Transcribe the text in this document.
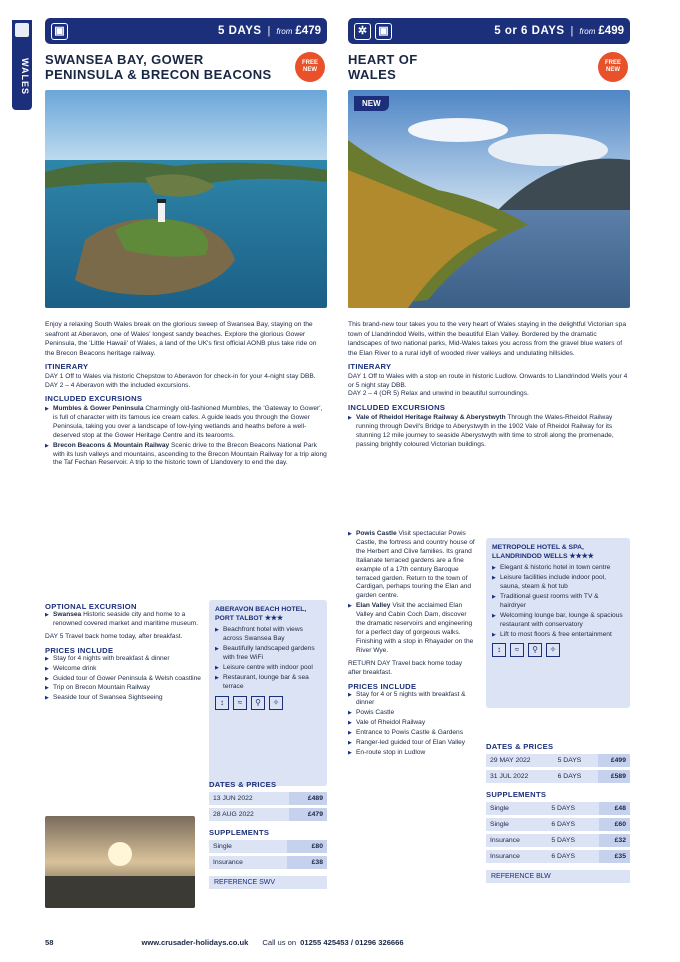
WALES
▣	5 DAYS | from £479
SWANSEA BAY, GOWER PENINSULA & BRECON BEACONS
FREE NEW

Enjoy a relaxing South Wales break on the glorious sweep of Swansea Bay, staying on the seafront at Aberavon, one of Wales' longest sandy beaches. Explore the glorious Gower Peninsula, the 'Little Hawaii' of Wales, a land of the UK's first official AONB plus take ride on the Brecon Beacons heritage railway.

ITINERARY
DAY 1 Off to Wales via historic Chepstow to Aberavon for check-in for your 4-night stay DBB.
DAY 2 – 4 Aberavon with the included excursions.
INCLUDED EXCURSIONS
▶ Mumbles & Gower Peninsula Charmingly old-fashioned Mumbles, the 'Gateway to Gower', is full of character with its famous ice cream cafes. A guide leads you through the Gower Peninsula, taking you over a landscape of low-lying wetlands and heaths before a well-deserved stop at the Gower Heritage Centre and its tearooms.
▶ Brecon Beacons & Mountain Railway Scenic drive to the Brecon Beacons National Park with its lush valleys and mountains, ascending to the Brecon Mountain Railway for a trip along the Taf Fechan Reservoir. A trip to the historic town of Llandovery to end the day.
OPTIONAL EXCURSION
▶ Swansea Historic seaside city and home to a renowned covered market and maritime museum.
DAY 5 Travel back home today, after breakfast.
PRICES INCLUDE
▶ Stay for 4 nights with breakfast & dinner
▶ Welcome drink
▶ Guided tour of Gower Peninsula & Welsh coastline
▶ Trip on Brecon Mountain Railway
▶ Seaside tour of Swansea Sightseeing
ABERAVON BEACH HOTEL, PORT TALBOT ★★★
▶ Beachfront hotel with views across Swansea Bay
▶ Beautifully landscaped gardens with free WiFi
▶ Leisure centre with indoor pool
▶ Restaurant, lounge bar & sea terrace
↕	≈	⚲	✧
DATES & PRICES
13 JUN 2022	£489
28 AUG 2022	£479
SUPPLEMENTS
Single	£80
Insurance	£38
REFERENCE SWV
✲	▣	5 or 6 DAYS | from £499
HEART OF WALES
FREE NEW
NEW

This brand-new tour takes you to the very heart of Wales staying in the delightful Victorian spa town of Llandrindod Wells, within the beautiful Elan Valley. Bordered by the dramatic landscapes of two national parks, Mid-Wales takes you across from the gravel blue waters of the Elan River to a rural idyll of wooded river valleys and undulating hillsides.

ITINERARY
DAY 1 Off to Wales with a stop en route in historic Ludlow. Onwards to Llandrindod Wells your 4 or 5 night stay DBB.
DAY 2 – 4 (OR 5) Relax and unwind in beautiful surroundings.
INCLUDED EXCURSIONS
▶ Vale of Rheidol Heritage Railway & Aberystwyth Through the Wales-Rheidol Railway running through Devil's Bridge to Aberystwyth in the 1902 Vale of Rheidol Railway for its stunning 12 mile journey to seaside Aberystwyth with time to stroll along the promenade, passing brightly coloured Victorian buildings.
▶ Powis Castle Visit spectacular Powis Castle, the fortress and country house of the Herbert and Clive families. Its grand Italianate terraced gardens are a fine example of a 17th century Baroque terraced garden. Return to the town of Cardigan, perhaps touring the Elan and garden centre.
▶ Elan Valley Visit the acclaimed Elan Valley and Cabin Coch Dam, discover the dramatic reservoirs and engineering for a perfect day of gorgeous walks. Finishing with a stop in Rhayader on the River Wye.
RETURN DAY Travel back home today after breakfast.
PRICES INCLUDE
▶ Stay for 4 or 5 nights with breakfast & dinner
▶ Powis Castle
▶ Vale of Rheidol Railway
▶ Entrance to Powis Castle & Gardens
▶ Ranger-led guided tour of Elan Valley
▶ En-route stop in Ludlow
METROPOLE HOTEL & SPA, LLANDRINDOD WELLS ★★★★
▶ Elegant & historic hotel in town centre
▶ Leisure facilities include indoor pool, sauna, steam & hot tub
▶ Traditional guest rooms with TV & hairdryer
▶ Welcoming lounge bar, lounge & spacious restaurant with conservatory
▶ Lift to most floors & free entertainment
↕	≈	⚲	✧
DATES & PRICES
29 MAY 2022	5 DAYS	£499
31 JUL 2022	6 DAYS	£589
SUPPLEMENTS
Single	5 DAYS	£48
Single	6 DAYS	£60
Insurance	5 DAYS	£32
Insurance	6 DAYS	£35
REFERENCE BLW
58	www.crusader-holidays.co.uk Call us on 01255 425453 / 01296 326666
